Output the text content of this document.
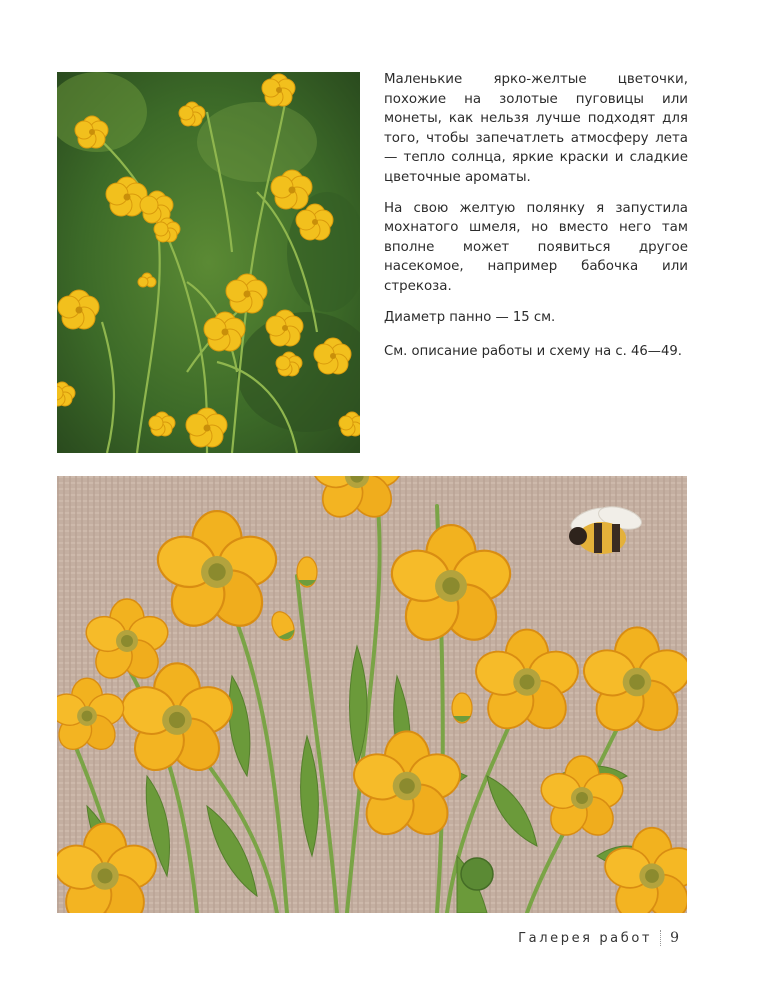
Маленькие ярко-желтые цветочки, похожие на золотые пуговицы или монеты, как нельзя лучше подходят для того, чтобы запечатлеть атмосферу лета — тепло солнца, яркие краски и сладкие цветочные ароматы.

На свою желтую полянку я запустила мохнатого шмеля, но вместо него там вполне может появиться другое насекомое, например бабочка или стрекоза.

Диаметр панно — 15 см.

См. описание работы и схему на с. 46—49.

Галерея работ 9
